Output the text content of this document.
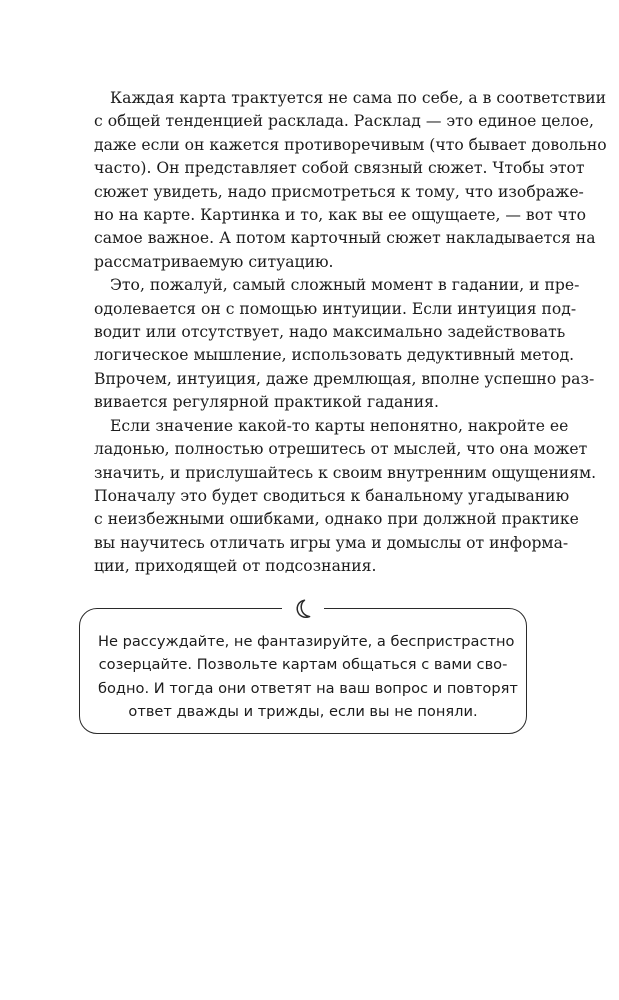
Каждая карта трактуется не сама по себе, а в соответствии
с общей тенденцией расклада. Расклад — это единое целое,
даже если он кажется противоречивым (что бывает довольно
часто). Он представляет собой связный сюжет. Чтобы этот
сюжет увидеть, надо присмотреться к тому, что изображе-
но на карте. Картинка и то, как вы ее ощущаете, — вот что
самое важное. А потом карточный сюжет накладывается на
рассматриваемую ситуацию.

Это, пожалуй, самый сложный момент в гадании, и пре-
одолевается он с помощью интуиции. Если интуиция под-
водит или отсутствует, надо максимально задействовать
логическое мышление, использовать дедуктивный метод.
Впрочем, интуиция, даже дремлющая, вполне успешно раз-
вивается регулярной практикой гадания.

Если значение какой-то карты непонятно, накройте ее
ладонью, полностью отрешитесь от мыслей, что она может
значить, и прислушайтесь к своим внутренним ощущениям.
Поначалу это будет сводиться к банальному угадыванию
с неизбежными ошибками, однако при должной практике
вы научитесь отличать игры ума и домыслы от информа-
ции, приходящей от подсознания.

Не рассуждайте, не фантазируйте, а беспристрастно
созерцайте. Позвольте картам общаться с вами сво-
бодно. И тогда они ответят на ваш вопрос и повторят
ответ дважды и трижды, если вы не поняли.
